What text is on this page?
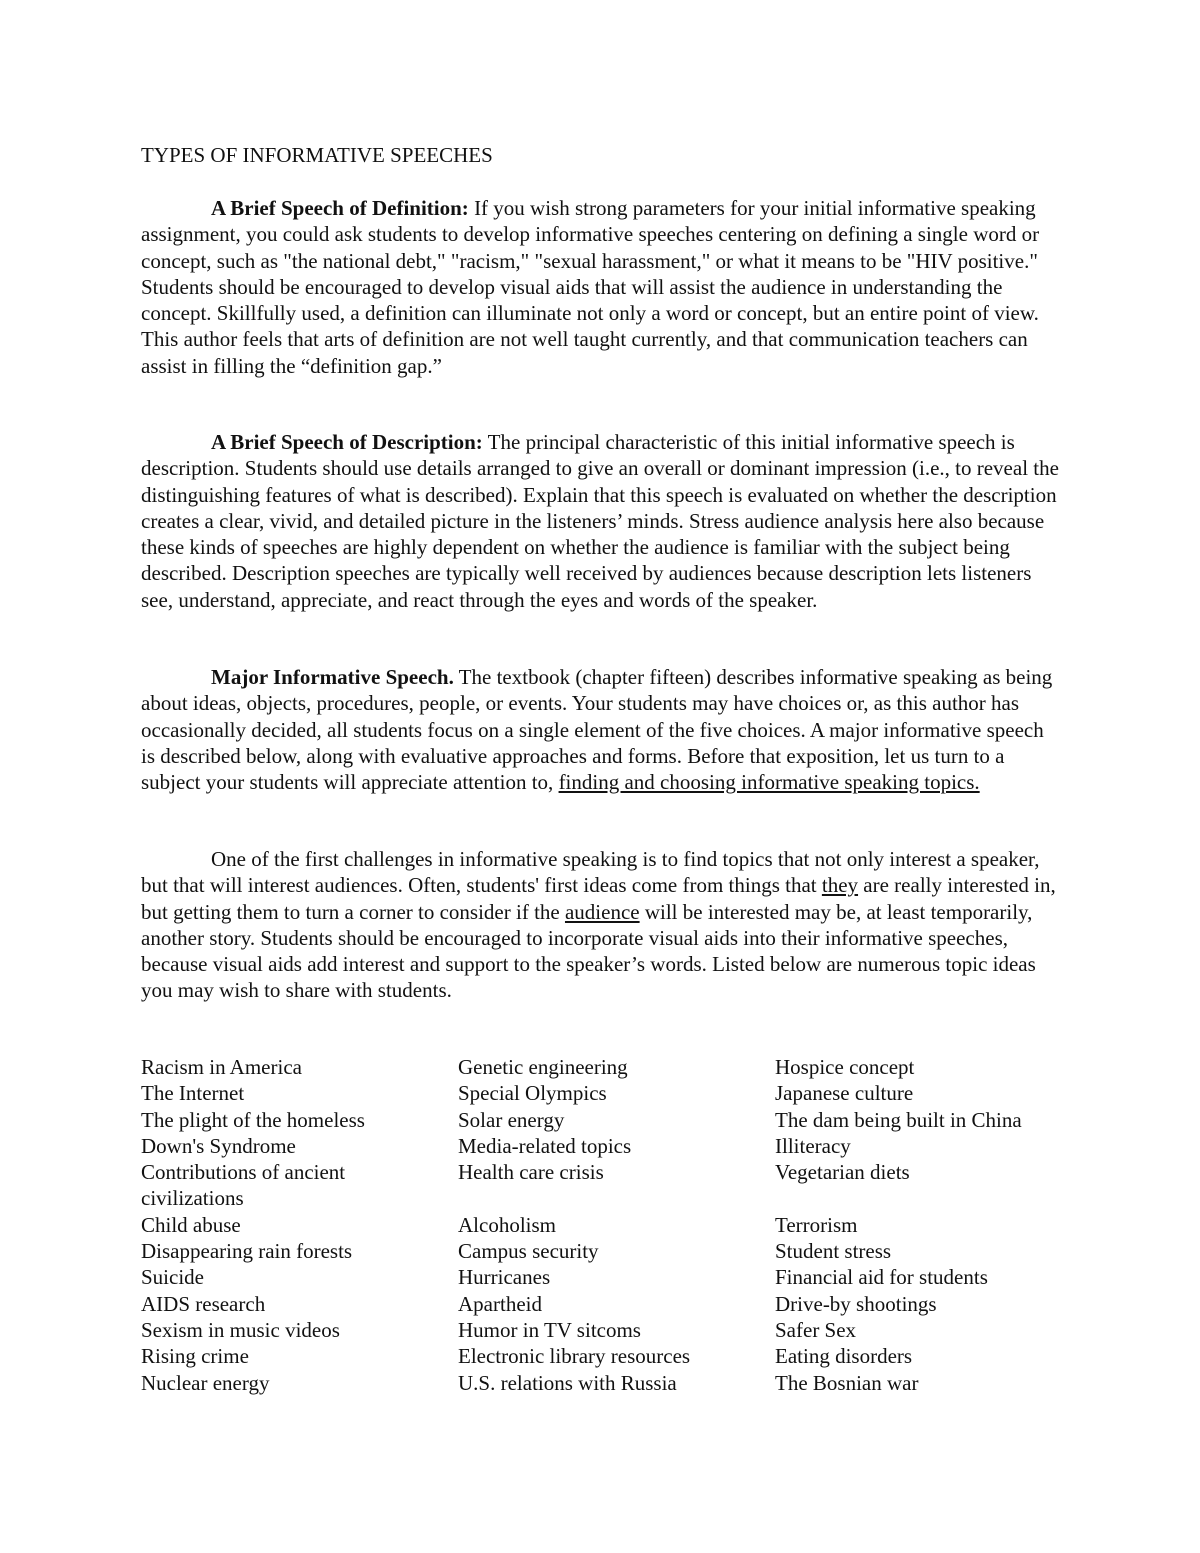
TYPES OF INFORMATIVE SPEECHES

A Brief Speech of Definition: If you wish strong parameters for your initial informative speaking assignment, you could ask students to develop informative speeches centering on defining a single word or concept, such as "the national debt," "racism," "sexual harassment," or what it means to be "HIV positive." Students should be encouraged to develop visual aids that will assist the audience in understanding the concept. Skillfully used, a definition can illuminate not only a word or concept, but an entire point of view. This author feels that arts of definition are not well taught currently, and that communication teachers can assist in filling the “definition gap.”

A Brief Speech of Description: The principal characteristic of this initial informative speech is description. Students should use details arranged to give an overall or dominant impression (i.e., to reveal the distinguishing features of what is described). Explain that this speech is evaluated on whether the description creates a clear, vivid, and detailed picture in the listeners’ minds. Stress audience analysis here also because these kinds of speeches are highly dependent on whether the audience is familiar with the subject being described. Description speeches are typically well received by audiences because description lets listeners see, understand, appreciate, and react through the eyes and words of the speaker.

Major Informative Speech. The textbook (chapter fifteen) describes informative speaking as being about ideas, objects, procedures, people, or events. Your students may have choices or, as this author has occasionally decided, all students focus on a single element of the five choices. A major informative speech is described below, along with evaluative approaches and forms. Before that exposition, let us turn to a subject your students will appreciate attention to, finding and choosing informative speaking topics.

One of the first challenges in informative speaking is to find topics that not only interest a speaker, but that will interest audiences. Often, students' first ideas come from things that they are really interested in, but getting them to turn a corner to consider if the audience will be interested may be, at least temporarily, another story. Students should be encouraged to incorporate visual aids into their informative speeches, because visual aids add interest and support to the speaker’s words. Listed below are numerous topic ideas you may wish to share with students.

Racism in America
The Internet
The plight of the homeless
Down's Syndrome
Contributions of ancient civilizations
Child abuse
Disappearing rain forests
Suicide
AIDS research
Sexism in music videos
Rising crime
Nuclear energy
Genetic engineering
Special Olympics
Solar energy
Media-related topics
Health care crisis
Alcoholism
Campus security
Hurricanes
Apartheid
Humor in TV sitcoms
Electronic library resources
U.S. relations with Russia
Hospice concept
Japanese culture
The dam being built in China
Illiteracy
Vegetarian diets
Terrorism
Student stress
Financial aid for students
Drive-by shootings
Safer Sex
Eating disorders
The Bosnian war
